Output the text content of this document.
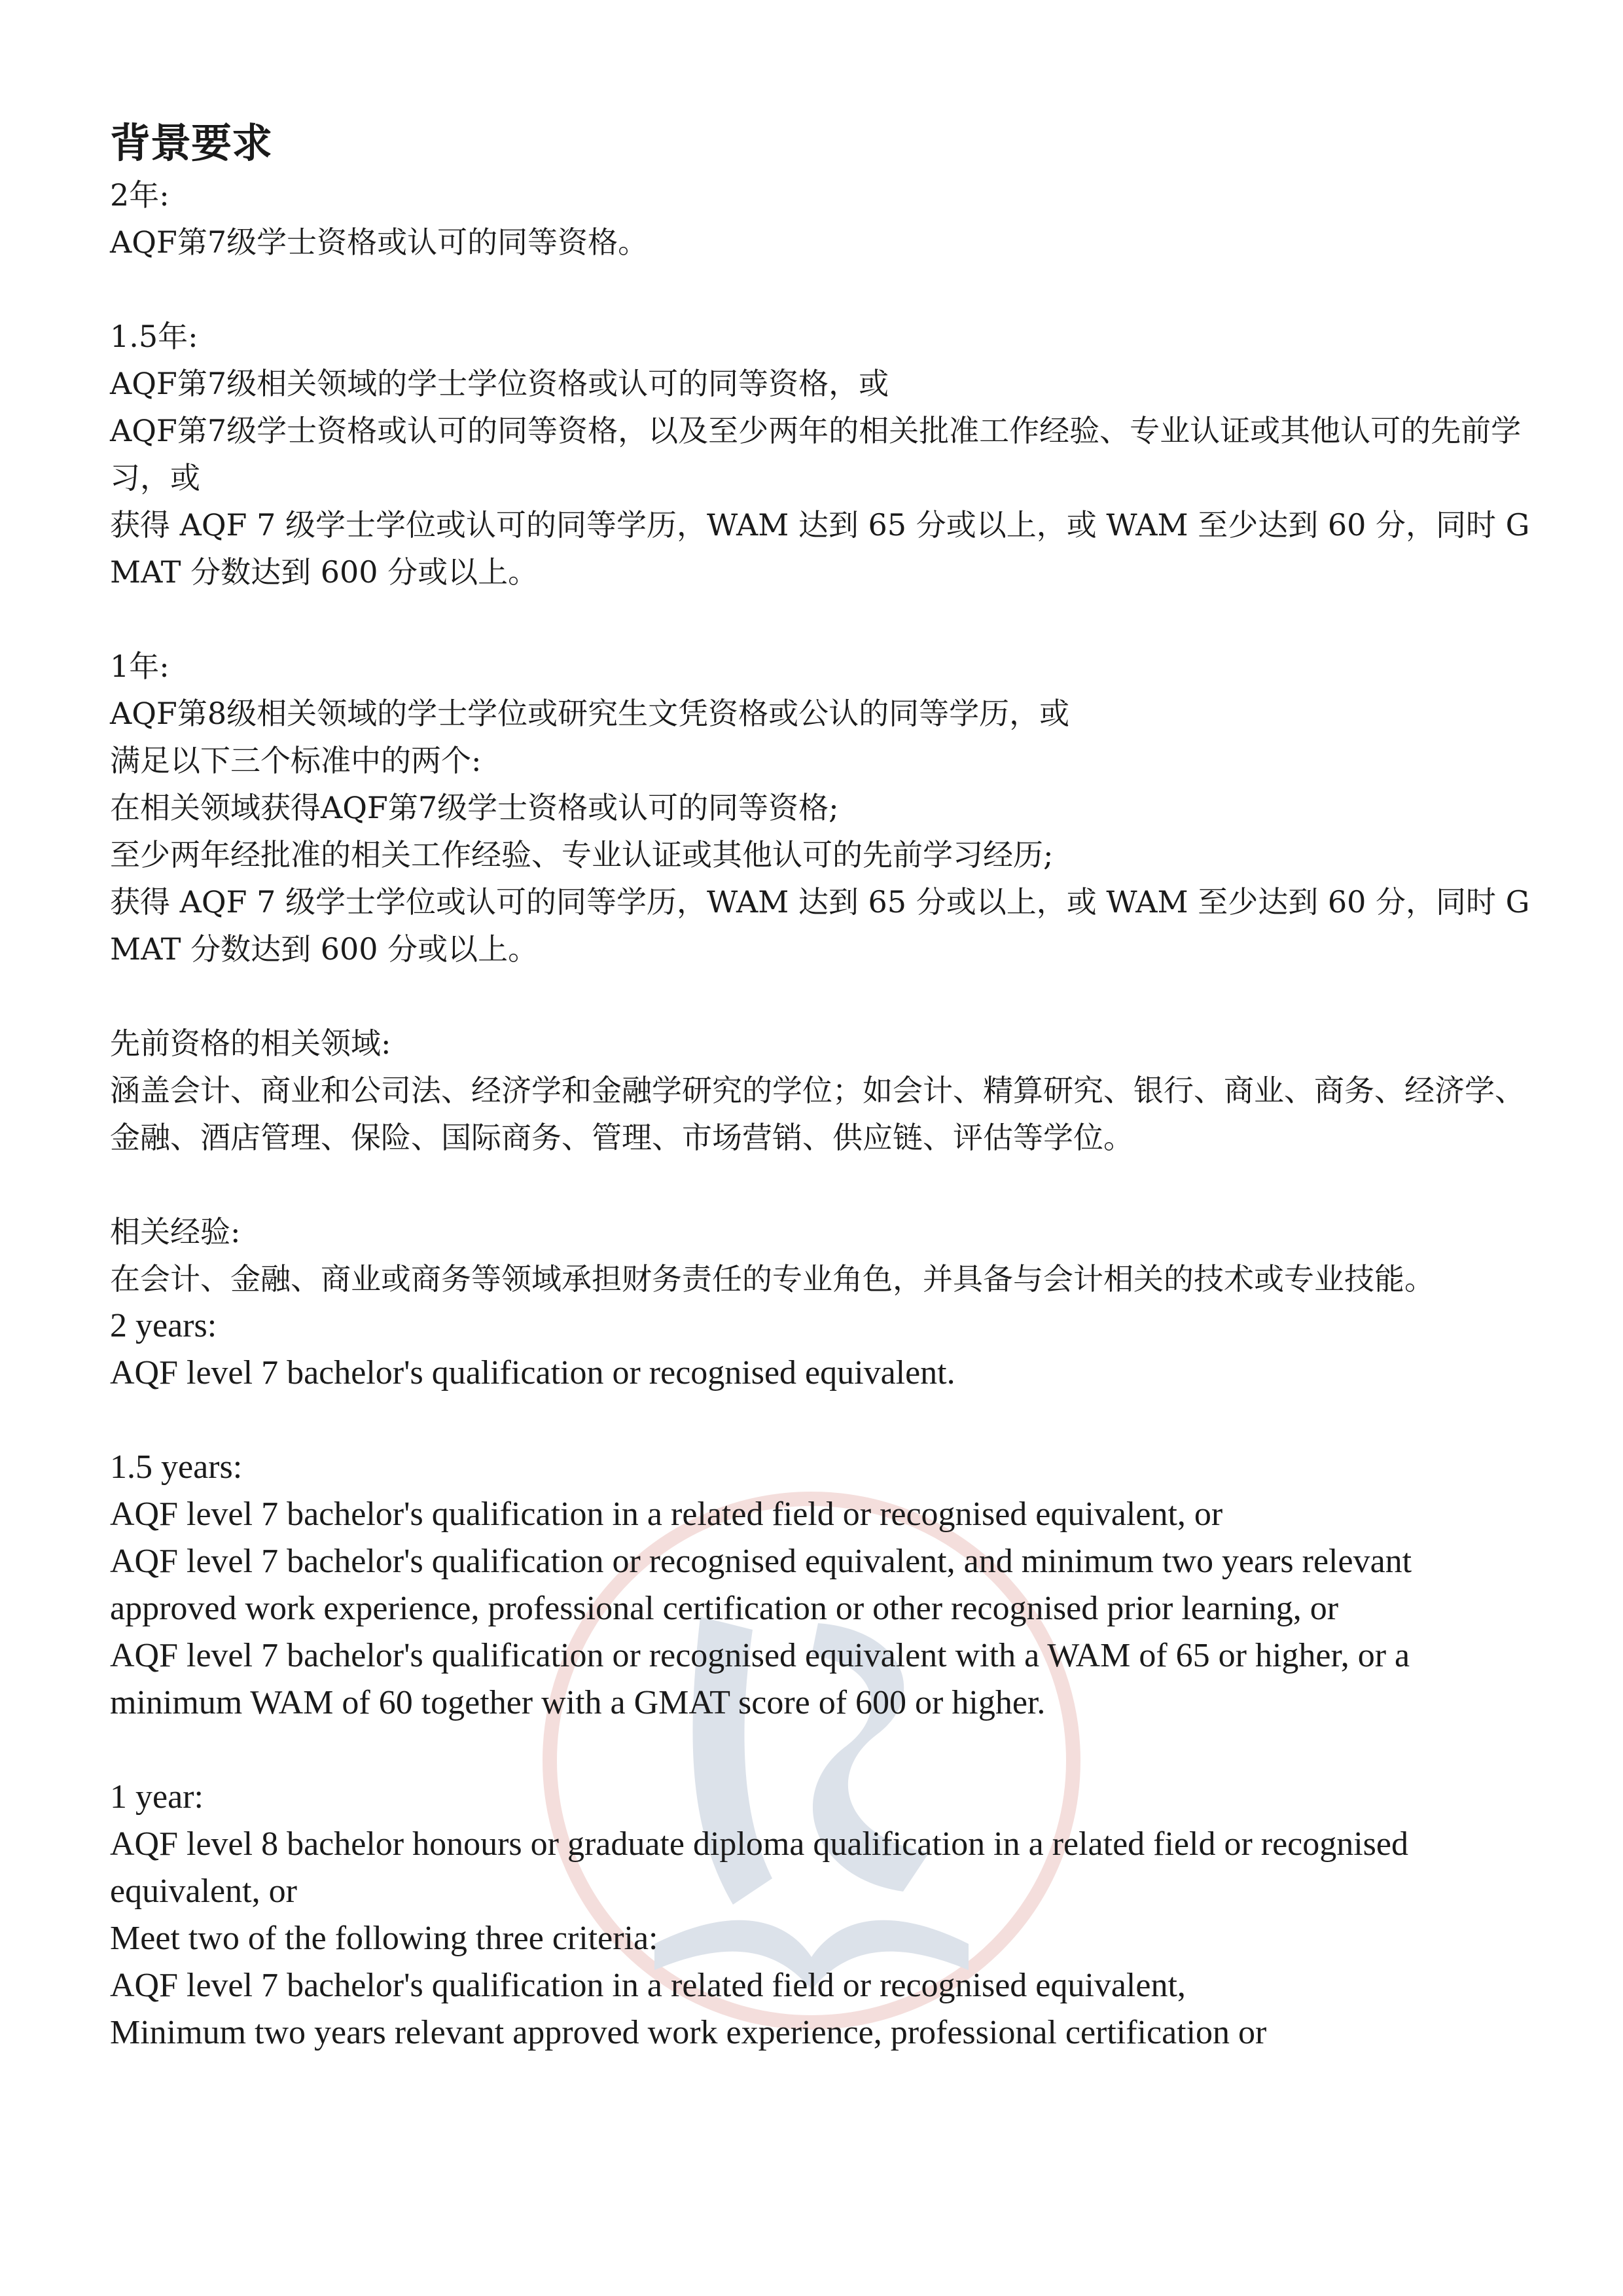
背景要求

2年:

AQF第7级学士资格或认可的同等资格。

1.5年:

AQF第7级相关领域的学士学位资格或认可的同等资格，或

AQF第7级学士资格或认可的同等资格，以及至少两年的相关批准工作经验、专业认证或其他认可的先前学习，或

获得 AQF 7 级学士学位或认可的同等学历，WAM 达到 65 分或以上，或 WAM 至少达到 60 分，同时 GMAT 分数达到 600 分或以上。

1年:

AQF第8级相关领域的学士学位或研究生文凭资格或公认的同等学历，或

满足以下三个标准中的两个:

在相关领域获得AQF第7级学士资格或认可的同等资格;

至少两年经批准的相关工作经验、专业认证或其他认可的先前学习经历;

获得 AQF 7 级学士学位或认可的同等学历，WAM 达到 65 分或以上，或 WAM 至少达到 60 分，同时 GMAT 分数达到 600 分或以上。

先前资格的相关领域:

涵盖会计、商业和公司法、经济学和金融学研究的学位；如会计、精算研究、银行、商业、商务、经济学、金融、酒店管理、保险、国际商务、管理、市场营销、供应链、评估等学位。

相关经验:

在会计、金融、商业或商务等领域承担财务责任的专业角色，并具备与会计相关的技术或专业技能。

2 years:

AQF level 7 bachelor's qualification or recognised equivalent.

1.5 years:

AQF level 7 bachelor's qualification in a related field or recognised equivalent, or

AQF level 7 bachelor's qualification or recognised equivalent, and minimum two years relevant approved work experience, professional certification or other recognised prior learning, or

AQF level 7 bachelor's qualification or recognised equivalent with a WAM of 65 or higher, or a minimum WAM of 60 together with a GMAT score of 600 or higher.

1 year:

AQF level 8 bachelor honours or graduate diploma qualification in a related field or recognised equivalent, or

Meet two of the following three criteria:

AQF level 7 bachelor's qualification in a related field or recognised equivalent,

Minimum two years relevant approved work experience, professional certification or
